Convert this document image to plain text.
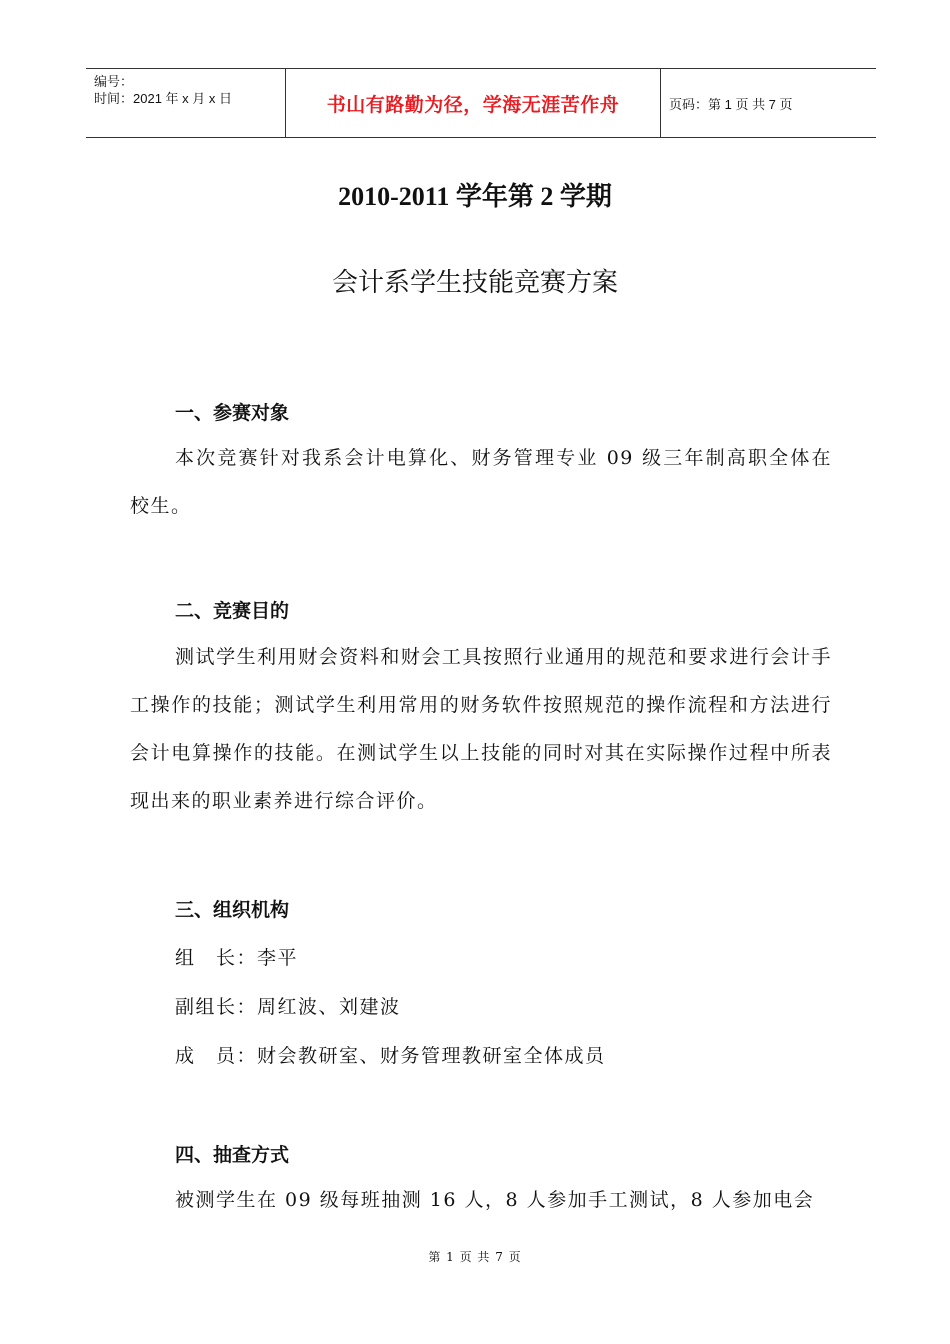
编号：
时间：2021 年 x 月 x 日	书山有路勤为径，学海无涯苦作舟	页码：第 1 页 共 7 页
2010-2011 学年第 2 学期
会计系学生技能竞赛方案
一、参赛对象
本次竞赛针对我系会计电算化、财务管理专业 09 级三年制高职全体在校生。
二、竞赛目的
测试学生利用财会资料和财会工具按照行业通用的规范和要求进行会计手工操作的技能；测试学生利用常用的财务软件按照规范的操作流程和方法进行会计电算操作的技能。在测试学生以上技能的同时对其在实际操作过程中所表现出来的职业素养进行综合评价。
三、组织机构
组　长：李平
副组长：周红波、刘建波
成　员：财会教研室、财务管理教研室全体成员
四、抽查方式
被测学生在 09 级每班抽测 16 人，8 人参加手工测试，8 人参加电会
第 1 页 共 7 页
